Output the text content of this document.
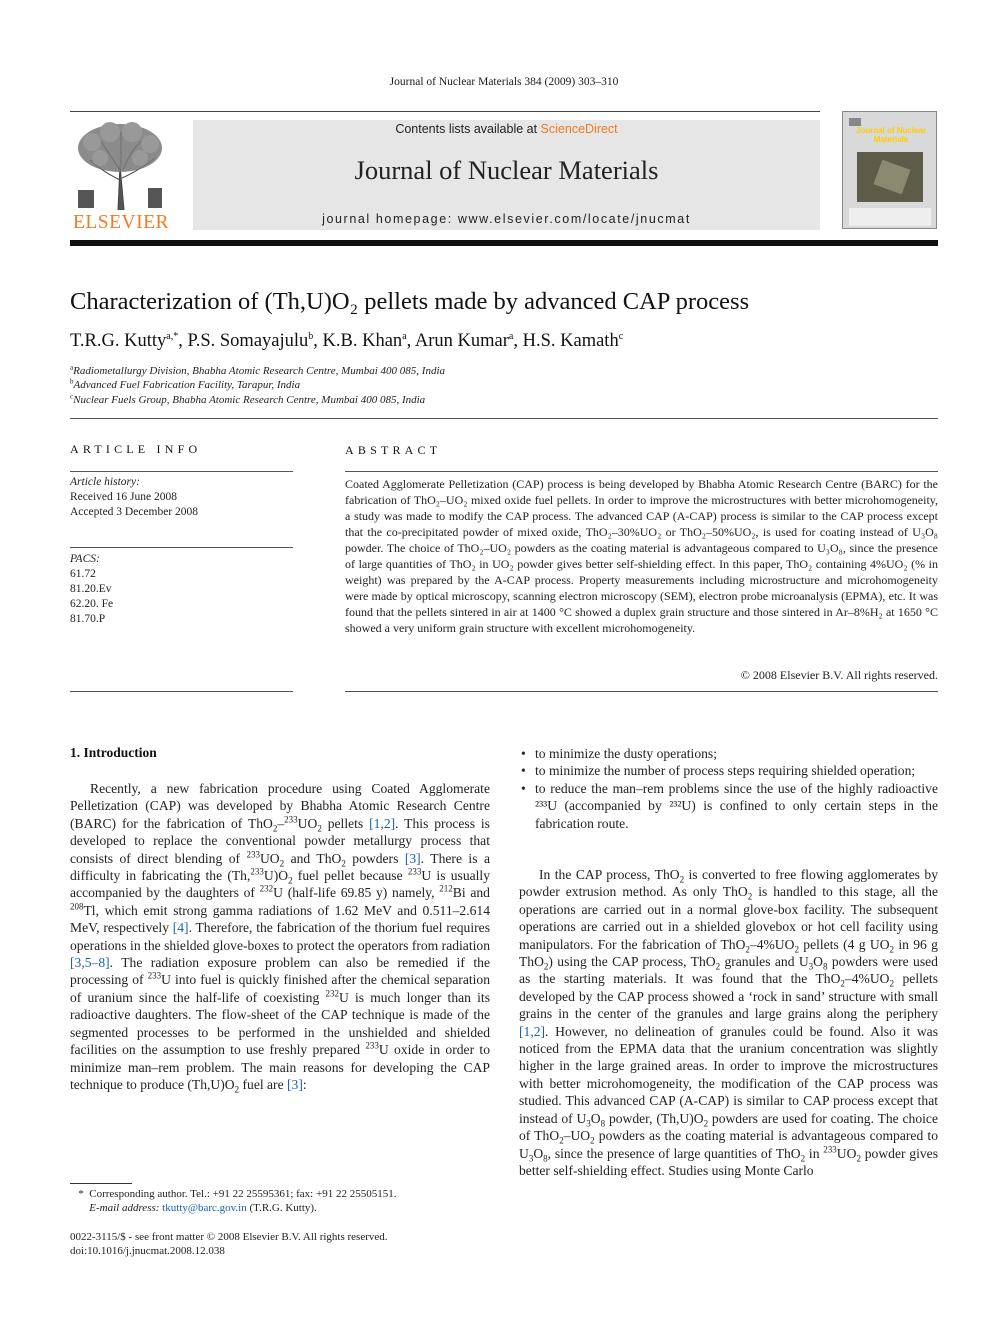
Journal of Nuclear Materials 384 (2009) 303–310
ELSEVIER
Contents lists available at ScienceDirect
Journal of Nuclear Materials
journal homepage: www.elsevier.com/locate/jnucmat
Journal of Nuclear Materials
Characterization of (Th,U)O₂ pellets made by advanced CAP process
T.R.G. Kutty$^{a,*}$, P.S. Somayajulu$^b$, K.B. Khan$^a$, Arun Kumar$^a$, H.S. Kamath$^c$
$^a$Radiometallurgy Division, Bhabha Atomic Research Centre, Mumbai 400 085, India
$^b$Advanced Fuel Fabrication Facility, Tarapur, India
$^c$Nuclear Fuels Group, Bhabha Atomic Research Centre, Mumbai 400 085, India
ARTICLE INFO
Article history:
Received 16 June 2008
Accepted 3 December 2008
PACS:
61.72
81.20.Ev
62.20. Fe
81.70.P
ABSTRACT
Coated Agglomerate Pelletization (CAP) process is being developed by Bhabha Atomic Research Centre (BARC) for the fabrication of ThO₂–UO₂ mixed oxide fuel pellets. In order to improve the microstructures with better microhomogeneity, a study was made to modify the CAP process. The advanced CAP (A-CAP) process is similar to the CAP process except that the co-precipitated powder of mixed oxide, ThO₂–30%UO₂ or ThO₂–50%UO₂, is used for coating instead of U₃O₈ powder. The choice of ThO₂–UO₂ powders as the coating material is advantageous compared to U₃O₈, since the presence of large quantities of ThO₂ in UO₂ powder gives better self-shielding effect. In this paper, ThO₂ containing 4%UO₂ (% in weight) was prepared by the A-CAP process. Property measurements including microstructure and microhomogeneity were made by optical microscopy, scanning electron microscopy (SEM), electron probe microanalysis (EPMA), etc. It was found that the pellets sintered in air at 1400 °C showed a duplex grain structure and those sintered in Ar–8%H₂ at 1650 °C showed a very uniform grain structure with excellent microhomogeneity.
© 2008 Elsevier B.V. All rights reserved.
1. Introduction
Recently, a new fabrication procedure using Coated Agglomerate Pelletization (CAP) was developed by Bhabha Atomic Research Centre (BARC) for the fabrication of $ThO_2-^{233}UO_2$ pellets [1,2]. This process is developed to replace the conventional powder metallurgy process that consists of direct blending of $^{233}UO_2$ and ThO$_2$ powders [3]. There is a difficulty in fabricating the $(Th,^{233}U)O_2$ fuel pellet because $^{233}$U is usually accompanied by the daughters of $^{232}$U (half-life 69.85 y) namely, $^{212}$Bi and $^{208}$Tl, which emit strong gamma radiations of 1.62 MeV and 0.511–2.614 MeV, respectively [4]. Therefore, the fabrication of the thorium fuel requires operations in the shielded glove-boxes to protect the operators from radiation [3,5–8]. The radiation exposure problem can also be remedied if the processing of $^{233}$U into fuel is quickly finished after the chemical separation of uranium since the half-life of coexisting $^{232}$U is much longer than its radioactive daughters. The flow-sheet of the CAP technique is made of the segmented processes to be performed in the unshielded and shielded facilities on the assumption to use freshly prepared $^{233}$U oxide in order to minimize man–rem problem. The main reasons for developing the CAP technique to produce $(Th,U)O_2$ fuel are [3]:
• to minimize the dusty operations;
• to minimize the number of process steps requiring shielded operation;
• to reduce the man–rem problems since the use of the highly radioactive ²³³U (accompanied by ²³²U) is confined to only certain steps in the fabrication route.
In the CAP process, ThO$_2$ is converted to free flowing agglomerates by powder extrusion method. As only ThO$_2$ is handled to this stage, all the operations are carried out in a normal glove-box facility. The subsequent operations are carried out in a shielded glovebox or hot cell facility using manipulators. For the fabrication of $ThO_2-4\%UO_2$ pellets (4 g $UO_2$ in 96 g ThO$_2$) using the CAP process, ThO$_2$ granules and $U_3O_8$ powders were used as the starting materials. It was found that the $ThO_2-4\%UO_2$ pellets developed by the CAP process showed a ‘rock in sand’ structure with small grains in the center of the granules and large grains along the periphery [1,2]. However, no delineation of granules could be found. Also it was noticed from the EPMA data that the uranium concentration was slightly higher in the large grained areas. In order to improve the microstructures with better microhomogeneity, the modification of the CAP process was studied. This advanced CAP (A-CAP) is similar to CAP process except that instead of $U_3O_8$ powder, $(Th,U)O_2$ powders are used for coating. The choice of $ThO_2-UO_2$ powders as the coating material is advantageous compared to $U_3O_8$, since the presence of large quantities of ThO$_2$ in $^{233}UO_2$ powder gives better self-shielding effect. Studies using Monte Carlo
*  Corresponding author. Tel.: +91 22 25595361; fax: +91 22 25505151.
E-mail address: tkutty@barc.gov.in (T.R.G. Kutty).
0022-3115/$ - see front matter © 2008 Elsevier B.V. All rights reserved.
doi:10.1016/j.jnucmat.2008.12.038
